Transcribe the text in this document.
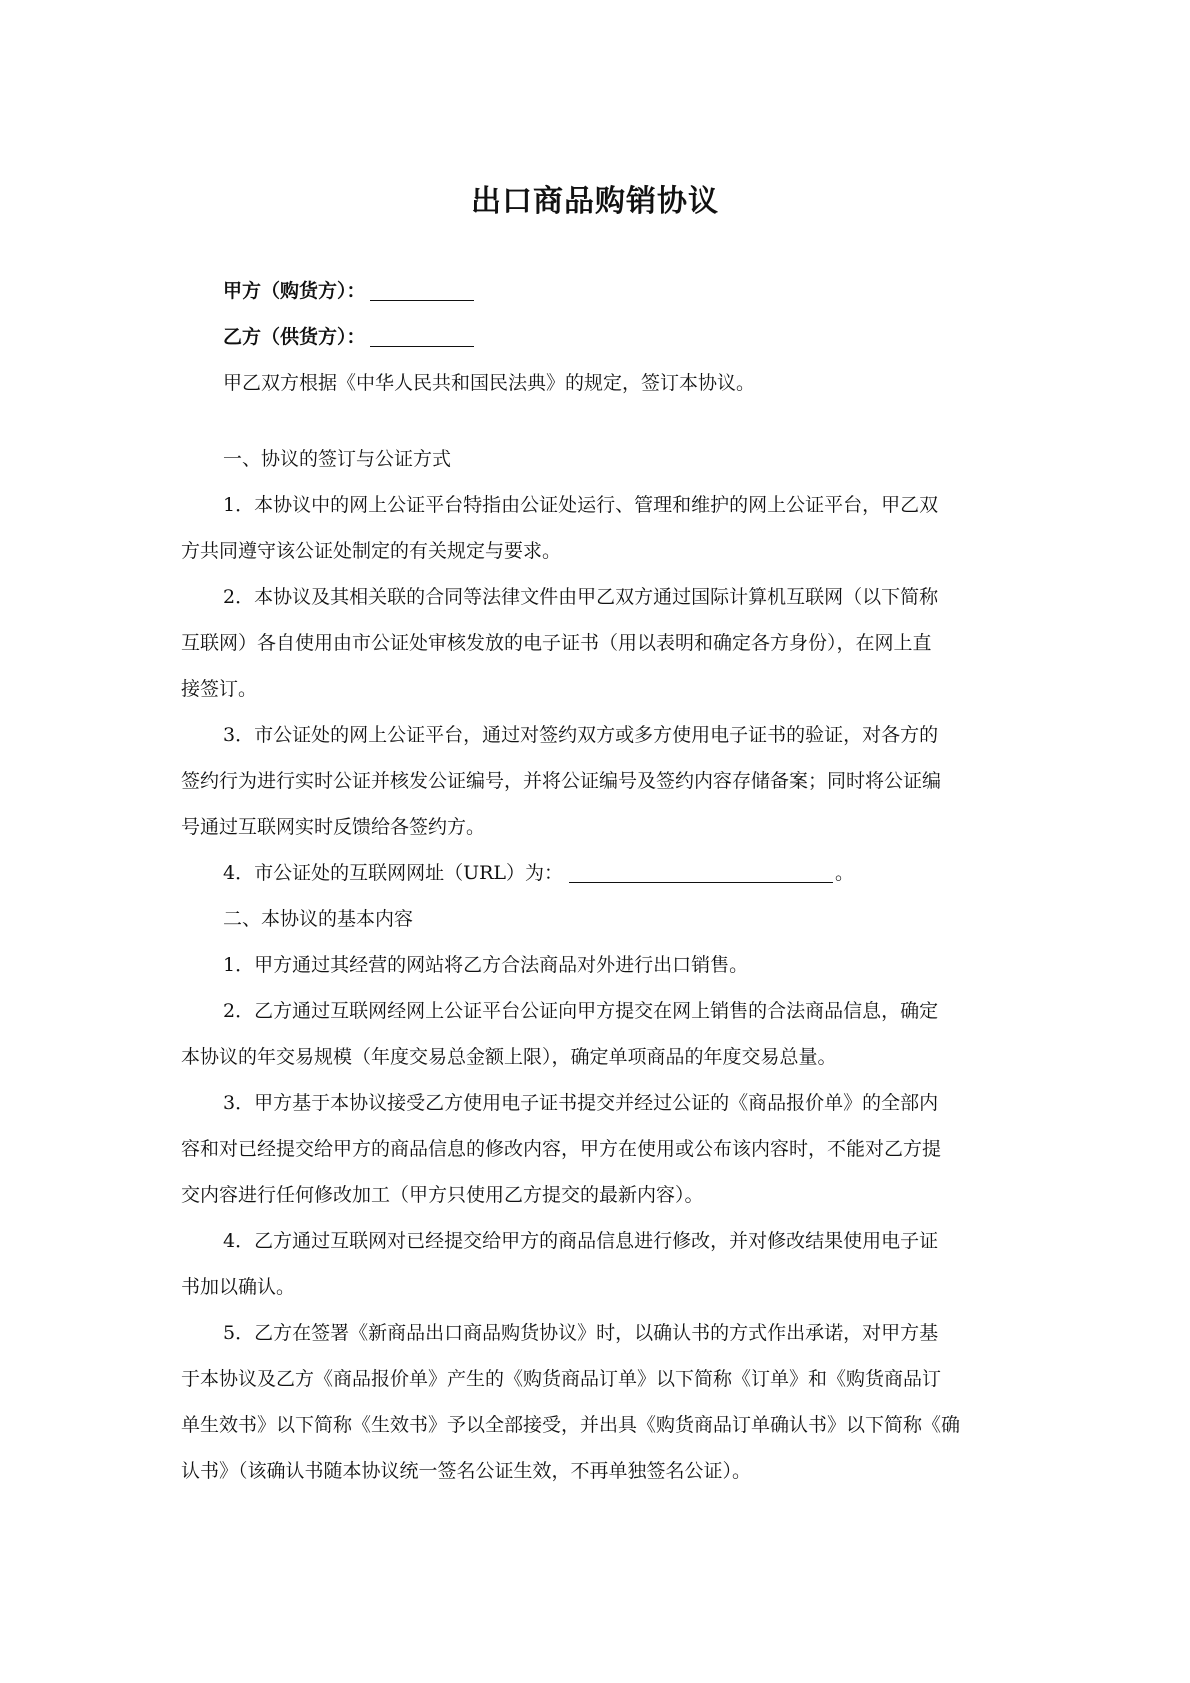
出口商品购销协议
甲方（购货方）：
乙方（供货方）：
甲乙双方根据《中华人民共和国民法典》的规定，签订本协议。
一、协议的签订与公证方式
1．本协议中的网上公证平台特指由公证处运行、管理和维护的网上公证平台，甲乙双
方共同遵守该公证处制定的有关规定与要求。
2．本协议及其相关联的合同等法律文件由甲乙双方通过国际计算机互联网（以下简称
互联网）各自使用由市公证处审核发放的电子证书（用以表明和确定各方身份），在网上直
接签订。
3．市公证处的网上公证平台，通过对签约双方或多方使用电子证书的验证，对各方的
签约行为进行实时公证并核发公证编号，并将公证编号及签约内容存储备案；同时将公证编
号通过互联网实时反馈给各签约方。
4．市公证处的互联网网址（URL）为：	。
二、本协议的基本内容
1．甲方通过其经营的网站将乙方合法商品对外进行出口销售。
2．乙方通过互联网经网上公证平台公证向甲方提交在网上销售的合法商品信息，确定
本协议的年交易规模（年度交易总金额上限），确定单项商品的年度交易总量。
3．甲方基于本协议接受乙方使用电子证书提交并经过公证的《商品报价单》的全部内
容和对已经提交给甲方的商品信息的修改内容，甲方在使用或公布该内容时，不能对乙方提
交内容进行任何修改加工（甲方只使用乙方提交的最新内容）。
4．乙方通过互联网对已经提交给甲方的商品信息进行修改，并对修改结果使用电子证
书加以确认。
5．乙方在签署《新商品出口商品购货协议》时，以确认书的方式作出承诺，对甲方基
于本协议及乙方《商品报价单》产生的《购货商品订单》以下简称《订单》和《购货商品订
单生效书》以下简称《生效书》予以全部接受，并出具《购货商品订单确认书》以下简称《确
认书》（该确认书随本协议统一签名公证生效，不再单独签名公证）。
